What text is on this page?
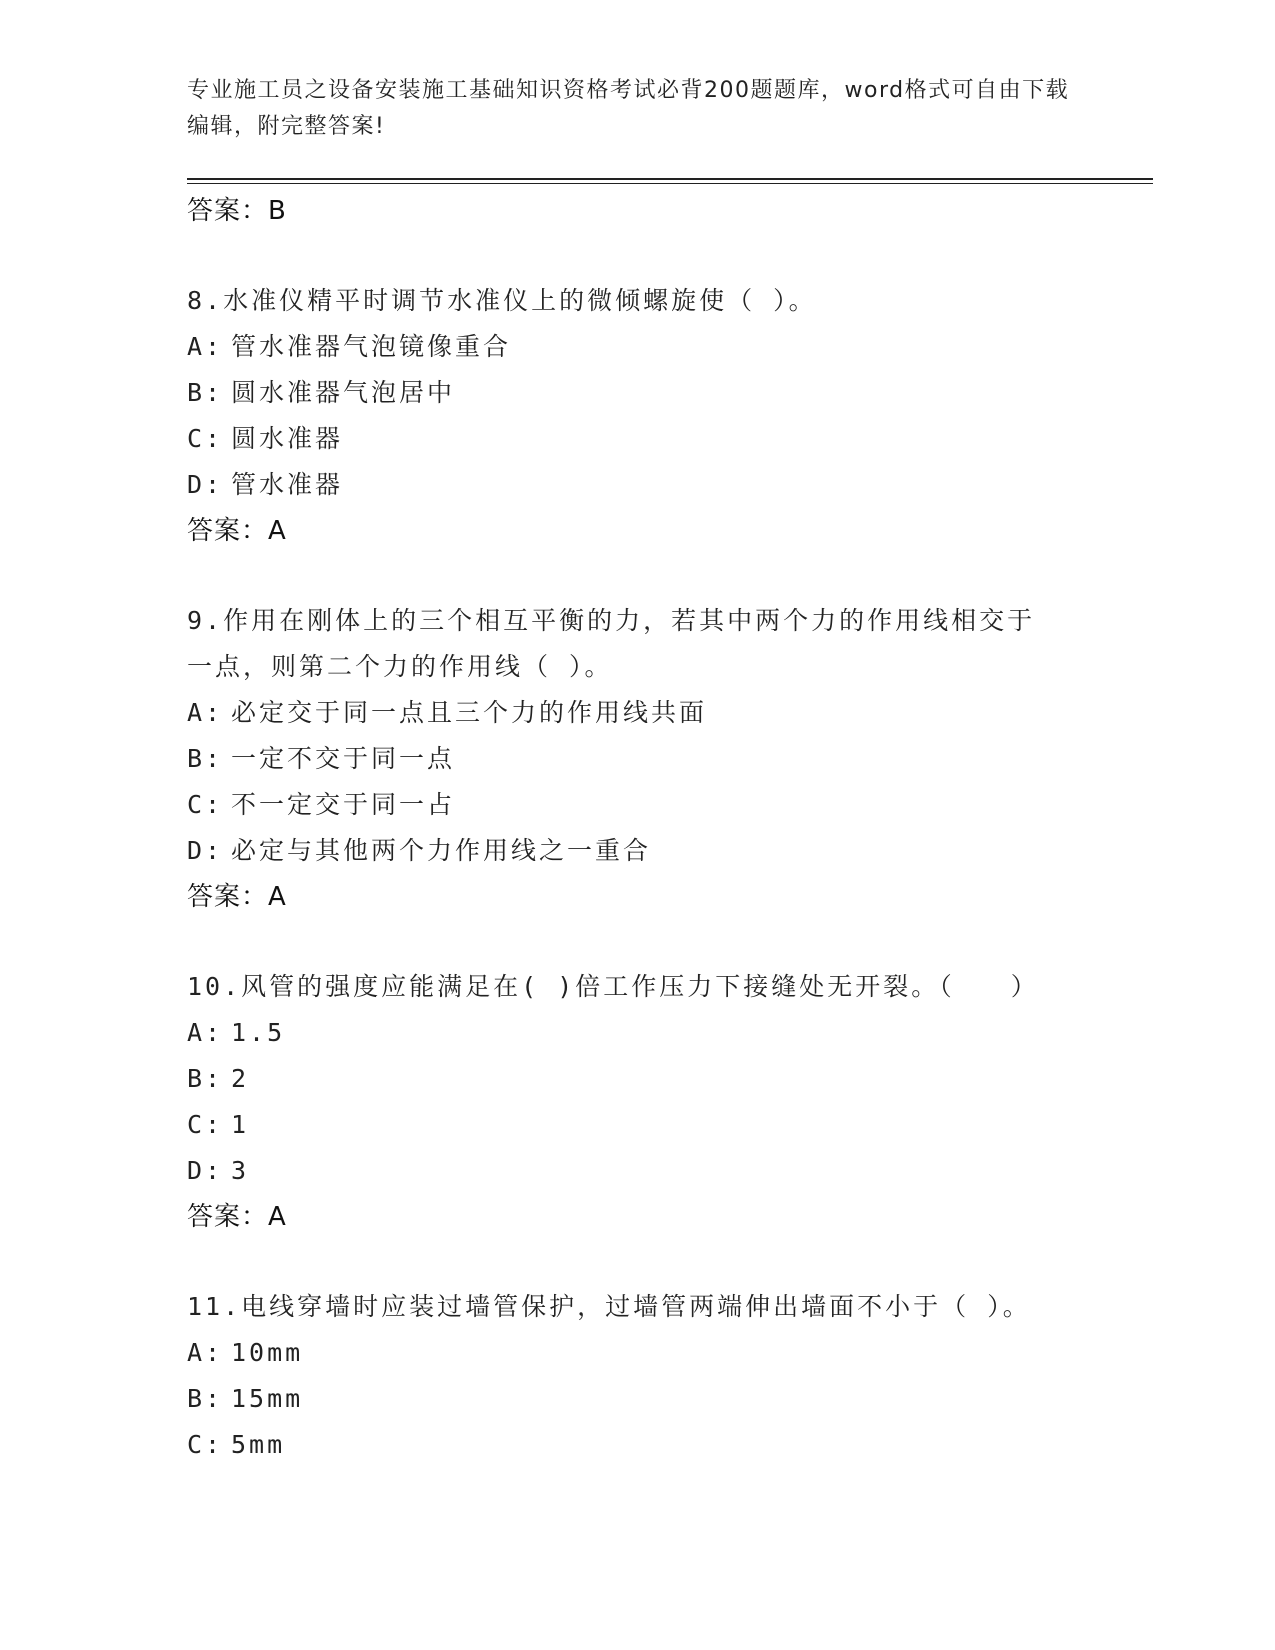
专业施工员之设备安装施工基础知识资格考试必背200题题库，word格式可自由下载编辑，附完整答案!
答案：B
8.水准仪精平时调节水准仪上的微倾螺旋使（ ）。
A: 管水准器气泡镜像重合
B: 圆水准器气泡居中
C: 圆水准器
D: 管水准器
答案：A
9.作用在刚体上的三个相互平衡的力，若其中两个力的作用线相交于一点，则第二个力的作用线（ ）。
A: 必定交于同一点且三个力的作用线共面
B: 一定不交于同一点
C: 不一定交于同一占
D: 必定与其他两个力作用线之一重合
答案：A
10.风管的强度应能满足在( )倍工作压力下接缝处无开裂。（　　）
A: 1.5
B: 2
C: 1
D: 3
答案：A
11.电线穿墙时应装过墙管保护，过墙管两端伸出墙面不小于（ ）。
A: 10mm
B: 15mm
C: 5mm
